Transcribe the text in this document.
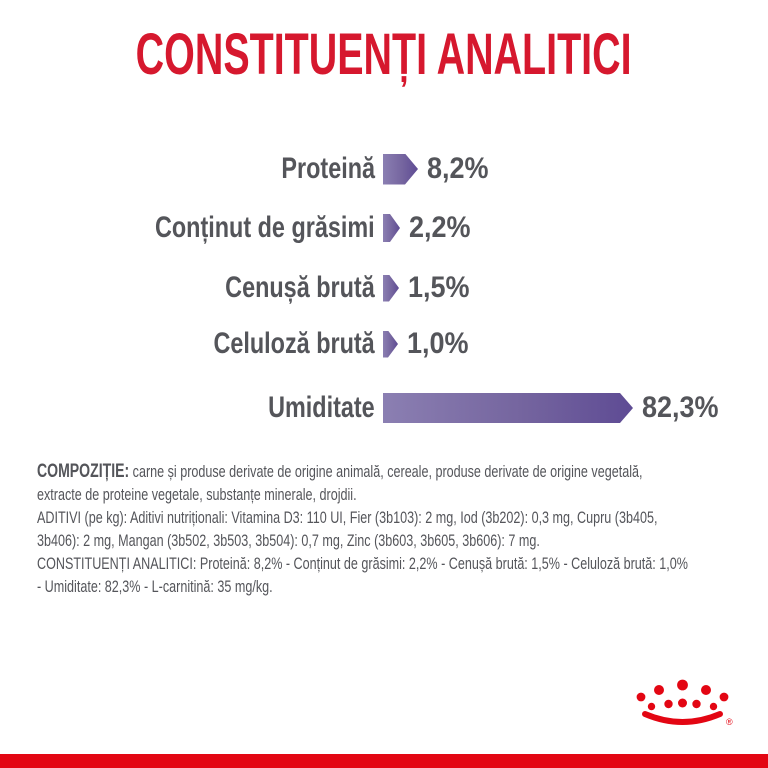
CONSTITUENȚI ANALITICI
Proteină 8,2%
Conținut de grăsimi 2,2%
Cenușă brută 1,5%
Celuloză brută 1,0%
Umiditate	82,3%
COMPOZIȚIE: carne și produse derivate de origine animală, cereale, produse derivate de origine vegetală,
extracte de proteine vegetale, substanțe minerale, drojdii.
ADITIVI (pe kg): Aditivi nutriționali: Vitamina D3: 110 UI, Fier (3b103): 2 mg, Iod (3b202): 0,3 mg, Cupru (3b405,
3b406): 2 mg, Mangan (3b502, 3b503, 3b504): 0,7 mg, Zinc (3b603, 3b605, 3b606): 7 mg.
CONSTITUENȚI ANALITICI: Proteină: 8,2% - Conținut de grăsimi: 2,2% - Cenușă brută: 1,5% - Celuloză brută: 1,0%
- Umiditate: 82,3% - L-carnitină: 35 mg/kg.
®
